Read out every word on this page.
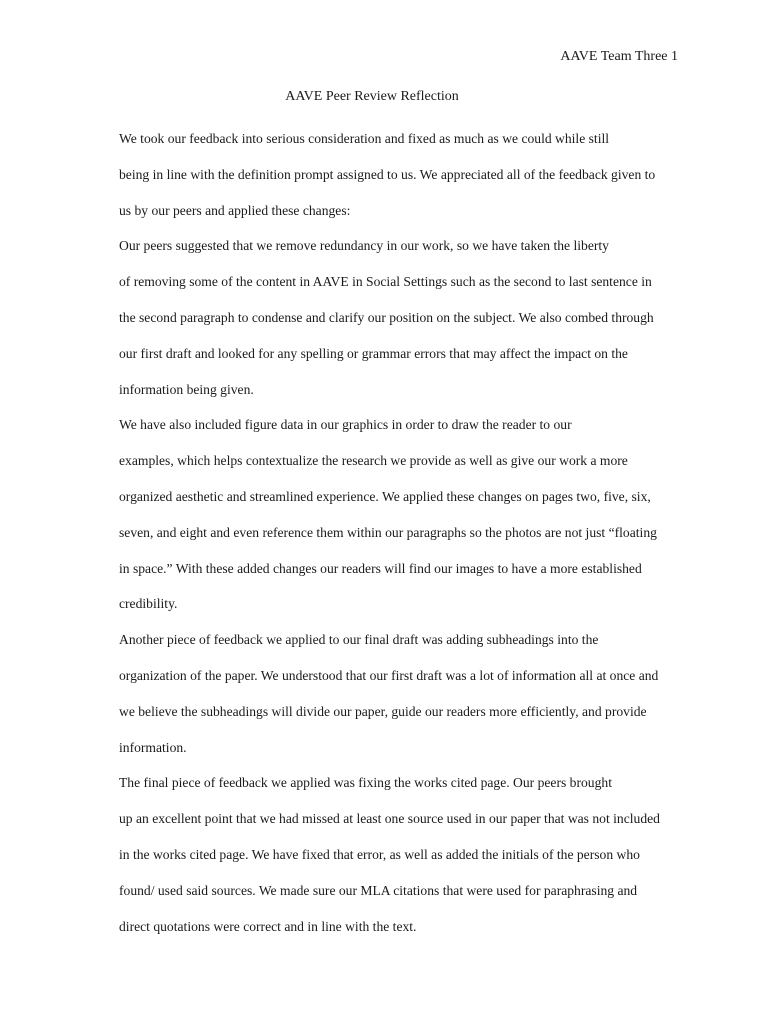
AAVE Team Three 1
AAVE Peer Review Reflection

We took our feedback into serious consideration and fixed as much as we could while still
being in line with the definition prompt assigned to us. We appreciated all of the feedback given to
us by our peers and applied these changes:

Our peers suggested that we remove redundancy in our work, so we have taken the liberty
of removing some of the content in AAVE in Social Settings such as the second to last sentence in
the second paragraph to condense and clarify our position on the subject. We also combed through
our first draft and looked for any spelling or grammar errors that may affect the impact on the
information being given.

We have also included figure data in our graphics in order to draw the reader to our
examples, which helps contextualize the research we provide as well as give our work a more
organized aesthetic and streamlined experience. We applied these changes on pages two, five, six,
seven, and eight and even reference them within our paragraphs so the photos are not just “floating
in space.” With these added changes our readers will find our images to have a more established
credibility.

Another piece of feedback we applied to our final draft was adding subheadings into the
organization of the paper. We understood that our first draft was a lot of information all at once and
we believe the subheadings will divide our paper, guide our readers more efficiently, and provide
information.

The final piece of feedback we applied was fixing the works cited page. Our peers brought
up an excellent point that we had missed at least one source used in our paper that was not included
in the works cited page. We have fixed that error, as well as added the initials of the person who
found/ used said sources. We made sure our MLA citations that were used for paraphrasing and
direct quotations were correct and in line with the text.
